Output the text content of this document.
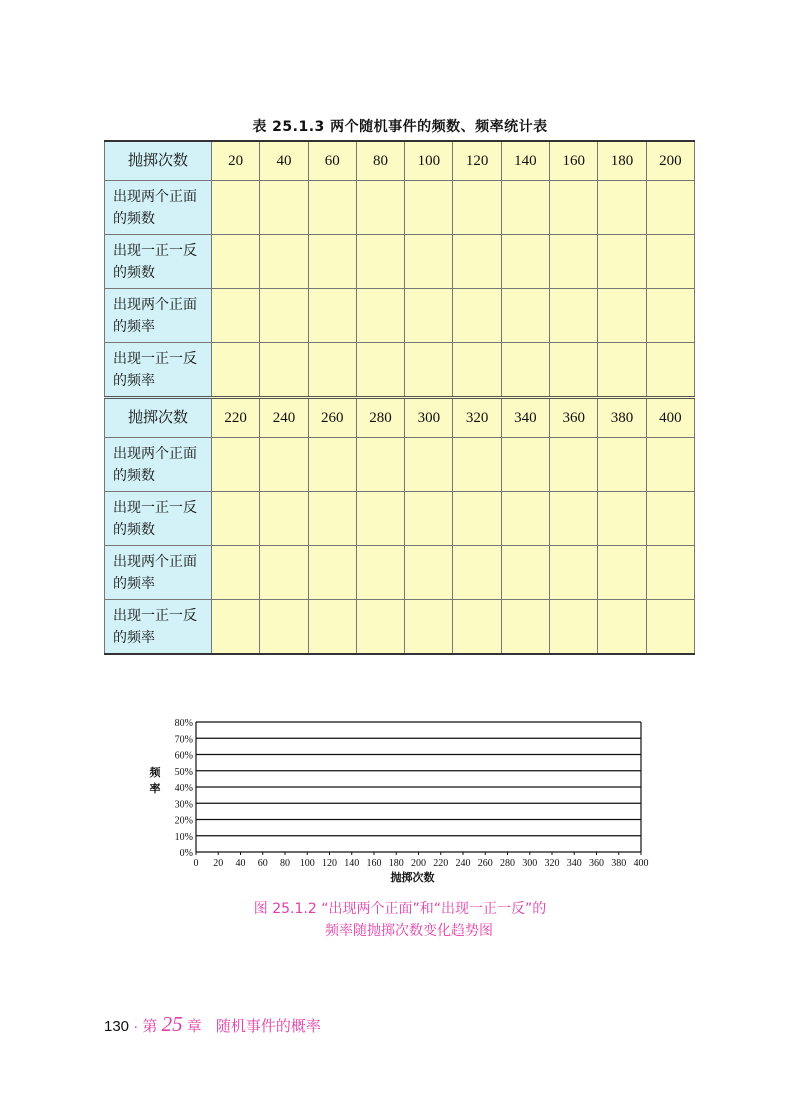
表 25.1.3 两个随机事件的频数、频率统计表
抛掷次数	20	40	60	80	100	120	140	160	180	200
出现两个正面
的频数										
出现一正一反
的频数										
出现两个正面
的频率										
出现一正一反
的频率										
抛掷次数	220	240	260	280	300	320	340	360	380	400
出现两个正面
的频数										
出现一正一反
的频数										
出现两个正面
的频率										
出现一正一反
的频率										
0%
10%
20%
30%
40%
50%
60%
70%
80%
0 20 40 60 80 100 120 140 160 180 200 220 240 260 280 300 320 340 360 380 400
抛掷次数
频
率
图 25.1.2 “出现两个正面”和“出现一正一反”的
频率随抛掷次数变化趋势图
130 · 第 25 章 随机事件的概率
